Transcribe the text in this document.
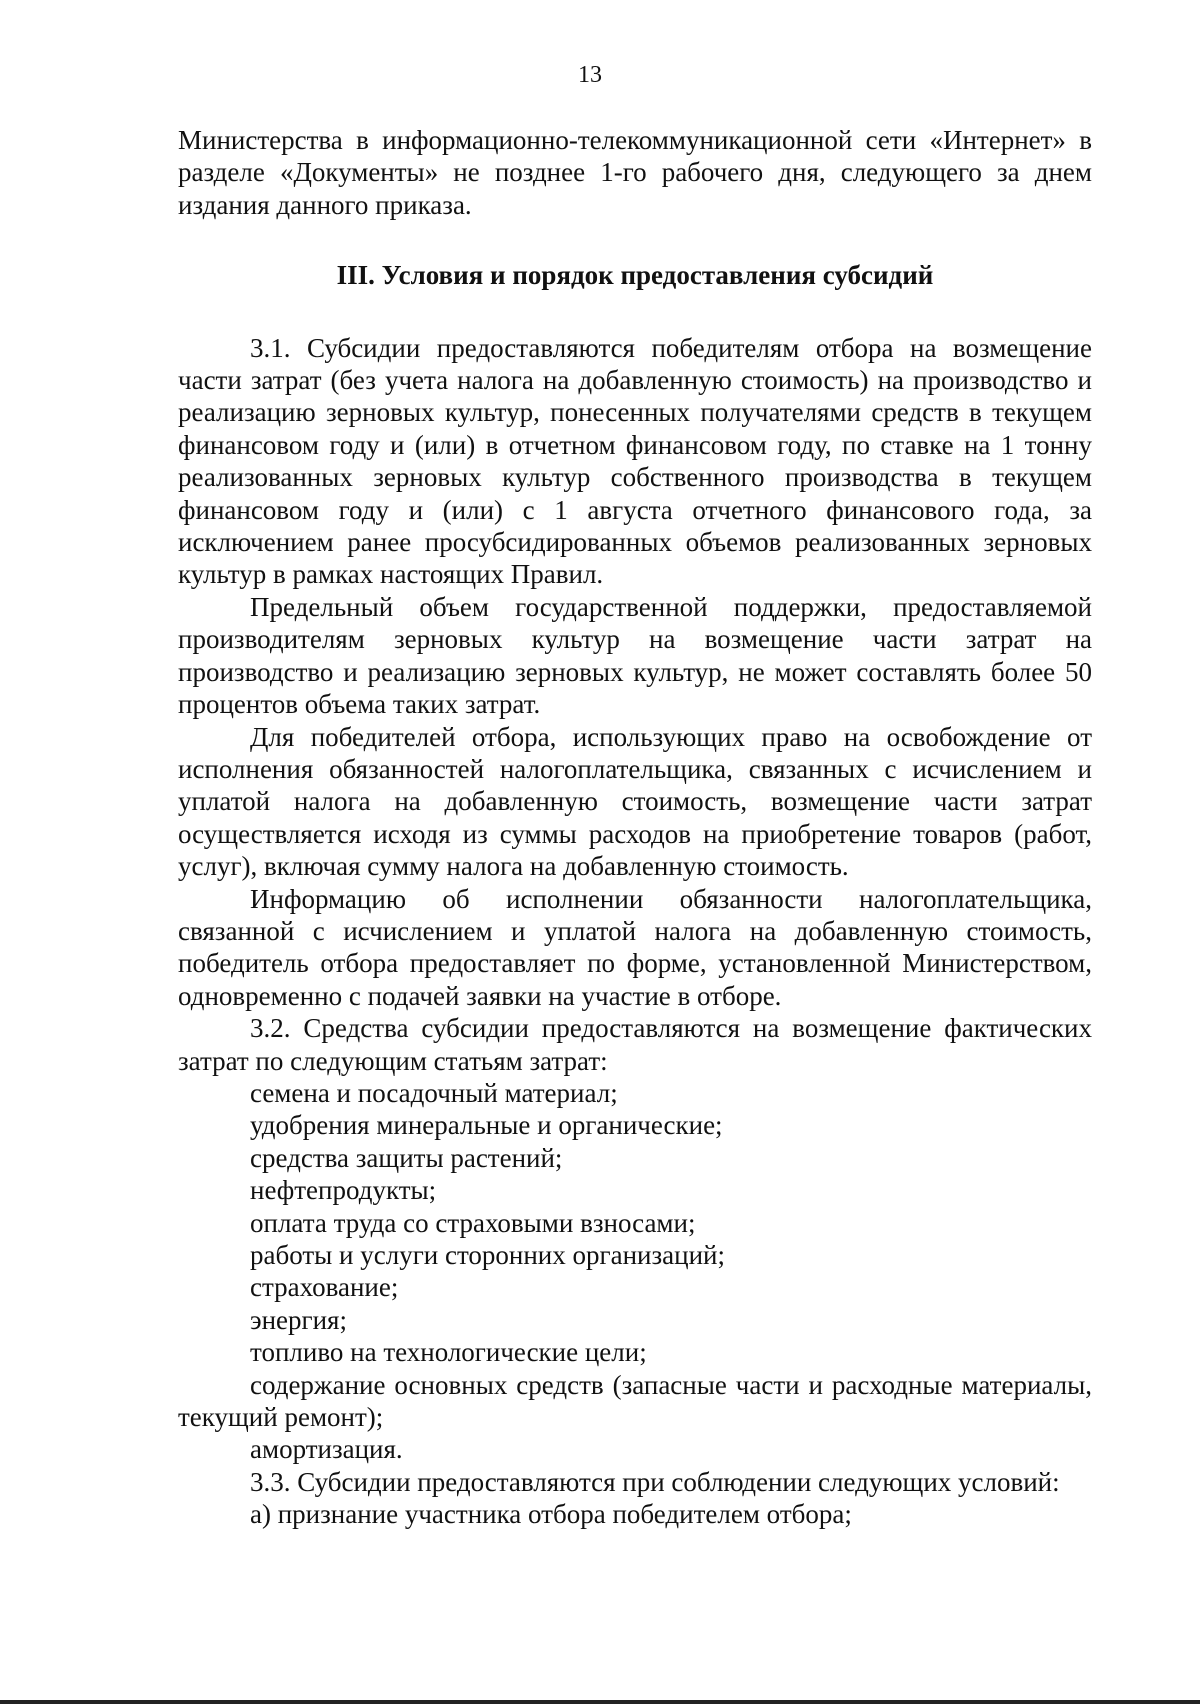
13

Министерства в информационно-телекоммуникационной сети «Интернет» в разделе «Документы» не позднее 1-го рабочего дня, следующего за днем издания данного приказа.

III. Условия и порядок предоставления субсидий

3.1. Субсидии предоставляются победителям отбора на возмещение части затрат (без учета налога на добавленную стоимость) на производство и реализацию зерновых культур, понесенных получателями средств в текущем финансовом году и (или) в отчетном финансовом году, по ставке на 1 тонну реализованных зерновых культур собственного производства в текущем финансовом году и (или) с 1 августа отчетного финансового года, за исключением ранее просубсидированных объемов реализованных зерновых культур в рамках настоящих Правил.

Предельный объем государственной поддержки, предоставляемой производителям зерновых культур на возмещение части затрат на производство и реализацию зерновых культур, не может составлять более 50 процентов объема таких затрат.

Для победителей отбора, использующих право на освобождение от исполнения обязанностей налогоплательщика, связанных с исчислением и уплатой налога на добавленную стоимость, возмещение части затрат осуществляется исходя из суммы расходов на приобретение товаров (работ, услуг), включая сумму налога на добавленную стоимость.

Информацию об исполнении обязанности налогоплательщика, связанной с исчислением и уплатой налога на добавленную стоимость, победитель отбора предоставляет по форме, установленной Министерством, одновременно с подачей заявки на участие в отборе.

3.2. Средства субсидии предоставляются на возмещение фактических затрат по следующим статьям затрат:

семена и посадочный материал;

удобрения минеральные и органические;

средства защиты растений;

нефтепродукты;

оплата труда со страховыми взносами;

работы и услуги сторонних организаций;

страхование;

энергия;

топливо на технологические цели;

содержание основных средств (запасные части и расходные материалы, текущий ремонт);

амортизация.

3.3. Субсидии предоставляются при соблюдении следующих условий:

а) признание участника отбора победителем отбора;
